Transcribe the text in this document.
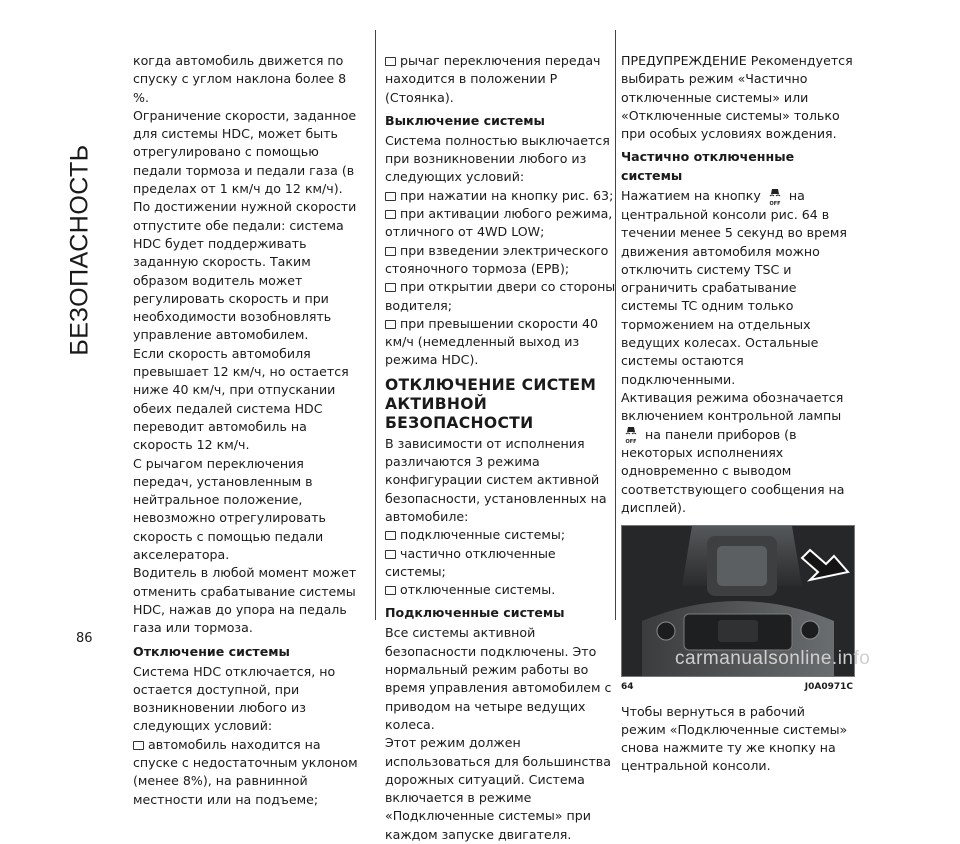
БЕЗОПАСНОСТЬ

когда автомобиль движется по спуску с углом наклона более 8 %.

Ограничение скорости, заданное для системы HDC, может быть отрегулировано с помощью педали тормоза и педали газа (в пределах от 1 км/ч до 12 км/ч).

По достижении нужной скорости отпустите обе педали: система HDC будет поддерживать заданную скорость. Таким образом водитель может регулировать скорость и при необходимости возобновлять управление автомобилем.

Если скорость автомобиля превышает 12 км/ч, но остается ниже 40 км/ч, при отпускании обеих педалей система HDC переводит автомобиль на скорость 12 км/ч.

С рычагом переключения передач, установленным в нейтральное положение, невозможно отрегулировать скорость с помощью педали акселератора.

Водитель в любой момент может отменить срабатывание системы HDC, нажав до упора на педаль газа или тормоза.

Отключение системы

Система HDC отключается, но остается доступной, при возникновении любого из следующих условий:

автомобиль находится на спуске с недостаточным уклоном (менее 8%), на равнинной местности или на подъеме;

рычаг переключения передач находится в положении P (Стоянка).

Выключение системы

Система полностью выключается при возникновении любого из следующих условий:

при нажатии на кнопку рис. 63;

при активации любого режима, отличного от 4WD LOW;

при взведении электрического стояночного тормоза (EPB);

при открытии двери со стороны водителя;

при превышении скорости 40 км/ч (немедленный выход из режима HDC).

ОТКЛЮЧЕНИЕ СИСТЕМ
АКТИВНОЙ БЕЗОПАСНОСТИ

В зависимости от исполнения различаются 3 режима конфигурации систем активной безопасности, установленных на автомобиле:

подключенные системы;

частично отключенные системы;

отключенные системы.

Подключенные системы

Все системы активной безопасности подключены. Это нормальный режим работы во время управления автомобилем с приводом на четыре ведущих колеса.

Этот режим должен использоваться для большинства дорожных ситуаций. Система включается в режиме «Подключенные системы» при каждом запуске двигателя.

ПРЕДУПРЕЖДЕНИЕ Рекомендуется выбирать режим «Частично отключенные системы» или «Отключенные системы» только при особых условиях вождения.

Частично отключенные системы

Нажатием на кнопку
OFF
на центральной консоли рис. 64 в течении менее 5 секунд во время движения автомобиля можно отключить систему TSC и ограничить срабатывание системы TC одним только торможением на отдельных ведущих колесах. Остальные системы остаются подключенными.

Активация режима обозначается включением контрольной лампы
OFF
на панели приборов (в некоторых исполнениях одновременно с выводом соответствующего сообщения на дисплей).

64	J0A0971C

Чтобы вернуться в рабочий режим «Подключенные системы» снова нажмите ту же кнопку на центральной консоли.

86
carmanualsonline.info
